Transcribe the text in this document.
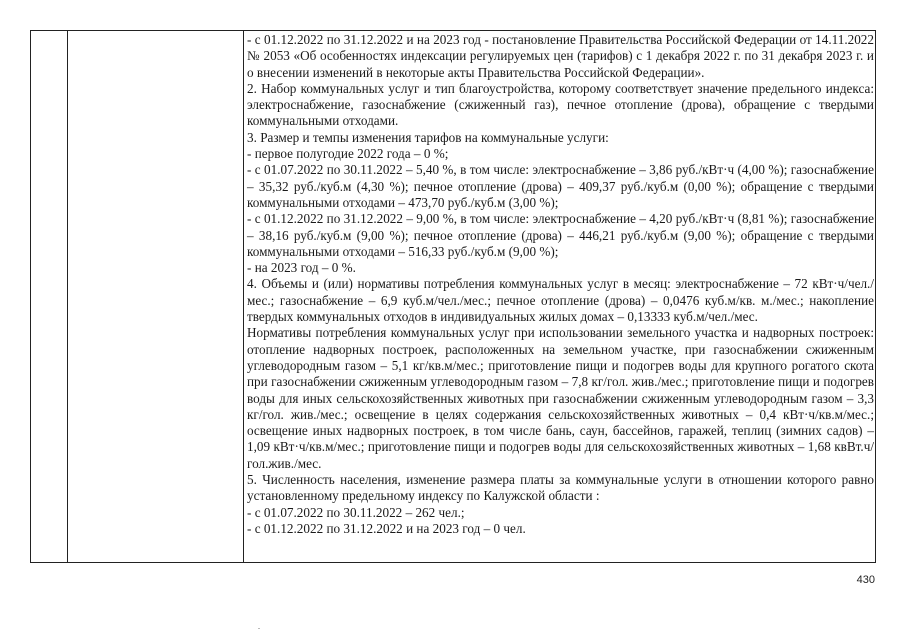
- с 01.12.2022 по 31.12.2022 и на 2023 год - постановление Правительства Российской Федерации от 14.11.2022 № 2053 «Об особенностях индексации регулируемых цен (тарифов) с 1 декабря 2022 г. по 31 декабря 2023 г. и о внесении изменений в некоторые акты Правительства Российской Федерации».

2. Набор коммунальных услуг и тип благоустройства, которому соответствует значение предельного индекса: электроснабжение, газоснабжение (сжиженный газ), печное отопление (дрова), обращение с твердыми коммунальными отходами.

3. Размер и темпы изменения тарифов на коммунальные услуги:

- первое полугодие 2022 года – 0 %;

- с 01.07.2022 по 30.11.2022 – 5,40 %, в том числе: электроснабжение – 3,86 руб./кВт·ч (4,00 %); газоснабжение – 35,32 руб./куб.м (4,30 %); печное отопление (дрова) – 409,37 руб./куб.м (0,00 %); обращение с твердыми коммунальными отходами – 473,70 руб./куб.м (3,00 %);

- с 01.12.2022 по 31.12.2022 – 9,00 %, в том числе: электроснабжение – 4,20 руб./кВт·ч (8,81 %); газоснабжение – 38,16 руб./куб.м (9,00 %); печное отопление (дрова) – 446,21 руб./куб.м (9,00 %); обращение с твердыми коммунальными отходами – 516,33 руб./куб.м (9,00 %);

- на 2023 год – 0 %.

4. Объемы и (или) нормативы потребления коммунальных услуг в месяц: электроснабжение – 72 кВт·ч/чел./мес.; газоснабжение – 6,9 куб.м/чел./мес.; печное отопление (дрова) – 0,0476 куб.м/кв. м./мес.; накопление твердых коммунальных отходов в индивидуальных жилых домах – 0,13333 куб.м/чел./мес.

Нормативы потребления коммунальных услуг при использовании земельного участка и надворных построек: отопление надворных построек, расположенных на земельном участке, при газоснабжении сжиженным углеводородным газом – 5,1 кг/кв.м/мес.; приготовление пищи и подогрев воды для крупного рогатого скота при газоснабжении сжиженным углеводородным газом – 7,8 кг/гол. жив./мес.; приготовление пищи и подогрев воды для иных сельскохозяйственных животных при газоснабжении сжиженным углеводородным газом – 3,3 кг/гол. жив./мес.; освещение в целях содержания сельскохозяйственных животных – 0,4 кВт·ч/кв.м/мес.; освещение иных надворных построек, в том числе бань, саун, бассейнов, гаражей, теплиц (зимних садов) – 1,09 кВт·ч/кв.м/мес.; приготовление пищи и подогрев воды для сельскохозяйственных животных – 1,68 квВт.ч/гол.жив./мес.

5. Численность населения, изменение размера платы за коммунальные услуги в отношении которого равно установленному предельному индексу по Калужской области :

- с 01.07.2022 по 30.11.2022 – 262 чел.;

- с 01.12.2022 по 31.12.2022 и на 2023 год – 0 чел.

430
